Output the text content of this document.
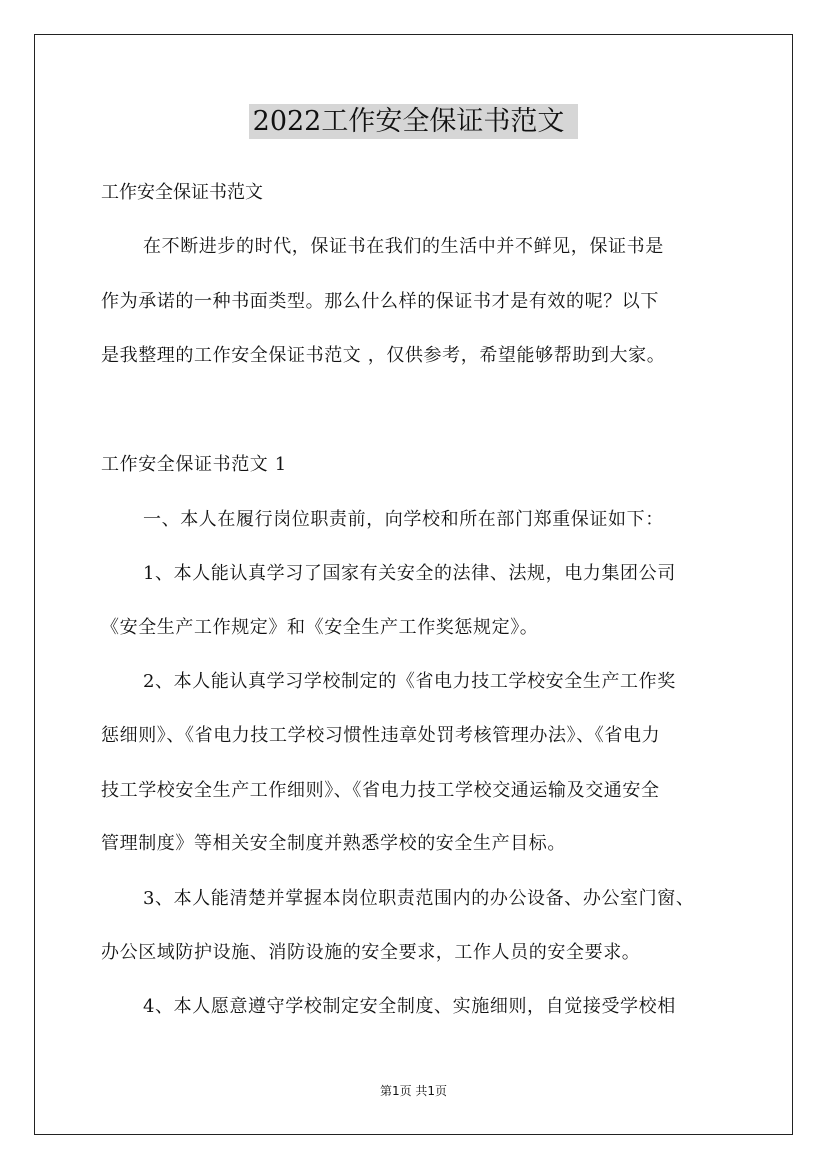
2022工作安全保证书范文
工作安全保证书范文
在不断进步的时代，保证书在我们的生活中并不鲜见，保证书是
作为承诺的一种书面类型。那么什么样的保证书才是有效的呢？以下
是我整理的工作安全保证书范文 ，仅供参考，希望能够帮助到大家。
工作安全保证书范文 1
一、本人在履行岗位职责前，向学校和所在部门郑重保证如下：
1、本人能认真学习了国家有关安全的法律、法规，电力集团公司
《安全生产工作规定》和《安全生产工作奖惩规定》。
2、本人能认真学习学校制定的《省电力技工学校安全生产工作奖
惩细则》、《省电力技工学校习惯性违章处罚考核管理办法》、《省电力
技工学校安全生产工作细则》、《省电力技工学校交通运输及交通安全
管理制度》等相关安全制度并熟悉学校的安全生产目标。
3、本人能清楚并掌握本岗位职责范围内的办公设备、办公室门窗、
办公区域防护设施、消防设施的安全要求，工作人员的安全要求。
4、本人愿意遵守学校制定安全制度、实施细则，自觉接受学校相
第1页 共1页
